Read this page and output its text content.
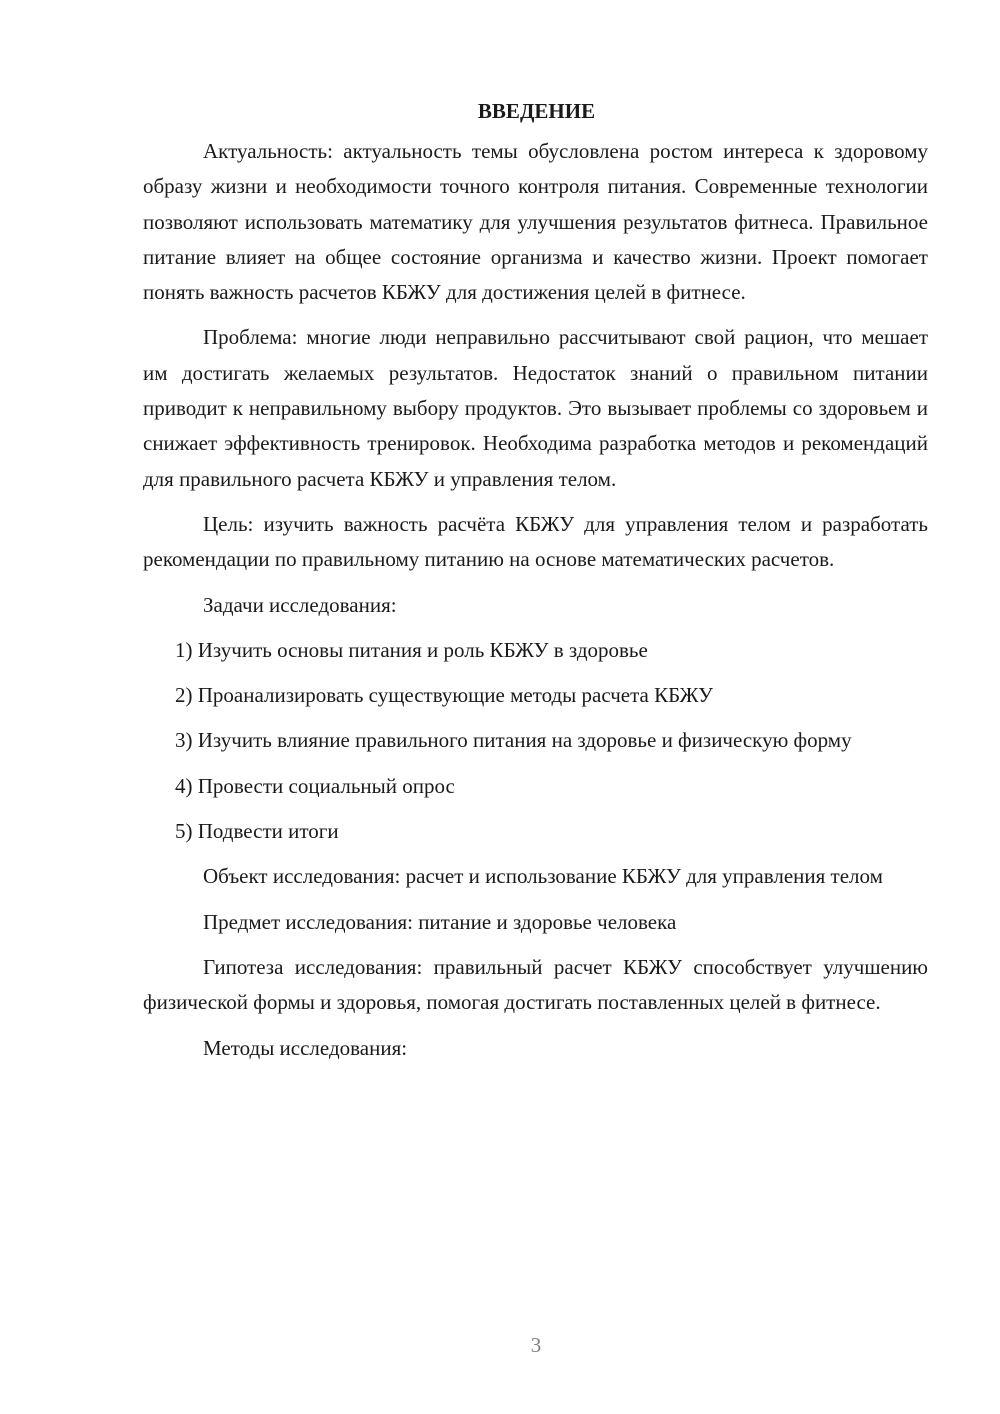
ВВЕДЕНИЕ

Актуальность: актуальность темы обусловлена ростом интереса к здоровому образу жизни и необходимости точного контроля питания. Современные технологии позволяют использовать математику для улучшения результатов фитнеса. Правильное питание влияет на общее состояние организма и качество жизни. Проект помогает понять важность расчетов КБЖУ для достижения целей в фитнесе.

Проблема: многие люди неправильно рассчитывают свой рацион, что мешает им достигать желаемых результатов. Недостаток знаний о правильном питании приводит к неправильному выбору продуктов. Это вызывает проблемы со здоровьем и снижает эффективность тренировок. Необходима разработка методов и рекомендаций для правильного расчета КБЖУ и управления телом.

Цель: изучить важность расчёта КБЖУ для управления телом и разработать рекомендации по правильному питанию на основе математических расчетов.

Задачи исследования:

1) Изучить основы питания и роль КБЖУ в здоровье

2) Проанализировать существующие методы расчета КБЖУ

3) Изучить влияние правильного питания на здоровье и физическую форму

4) Провести социальный опрос

5) Подвести итоги

Объект исследования: расчет и использование КБЖУ для управления телом

Предмет исследования: питание и здоровье человека

Гипотеза исследования: правильный расчет КБЖУ способствует улучшению физической формы и здоровья, помогая достигать поставленных целей в фитнесе.

Методы исследования:

3
